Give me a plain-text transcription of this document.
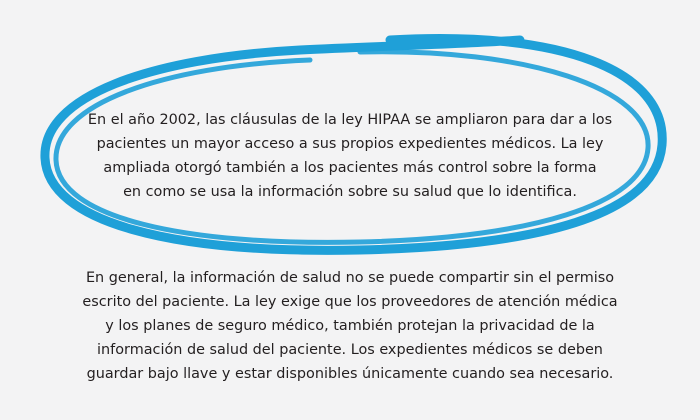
En el año 2002, las cláusulas de la ley HIPAA se ampliaron para dar a los
pacientes un mayor acceso a sus propios expedientes médicos. La ley
ampliada otorgó también a los pacientes más control sobre la forma
en como se usa la información sobre su salud que lo identifica.
En general, la información de salud no se puede compartir sin el permiso
escrito del paciente. La ley exige que los proveedores de atención médica
y los planes de seguro médico, también protejan la privacidad de la
información de salud del paciente. Los expedientes médicos se deben
guardar bajo llave y estar disponibles únicamente cuando sea necesario.
